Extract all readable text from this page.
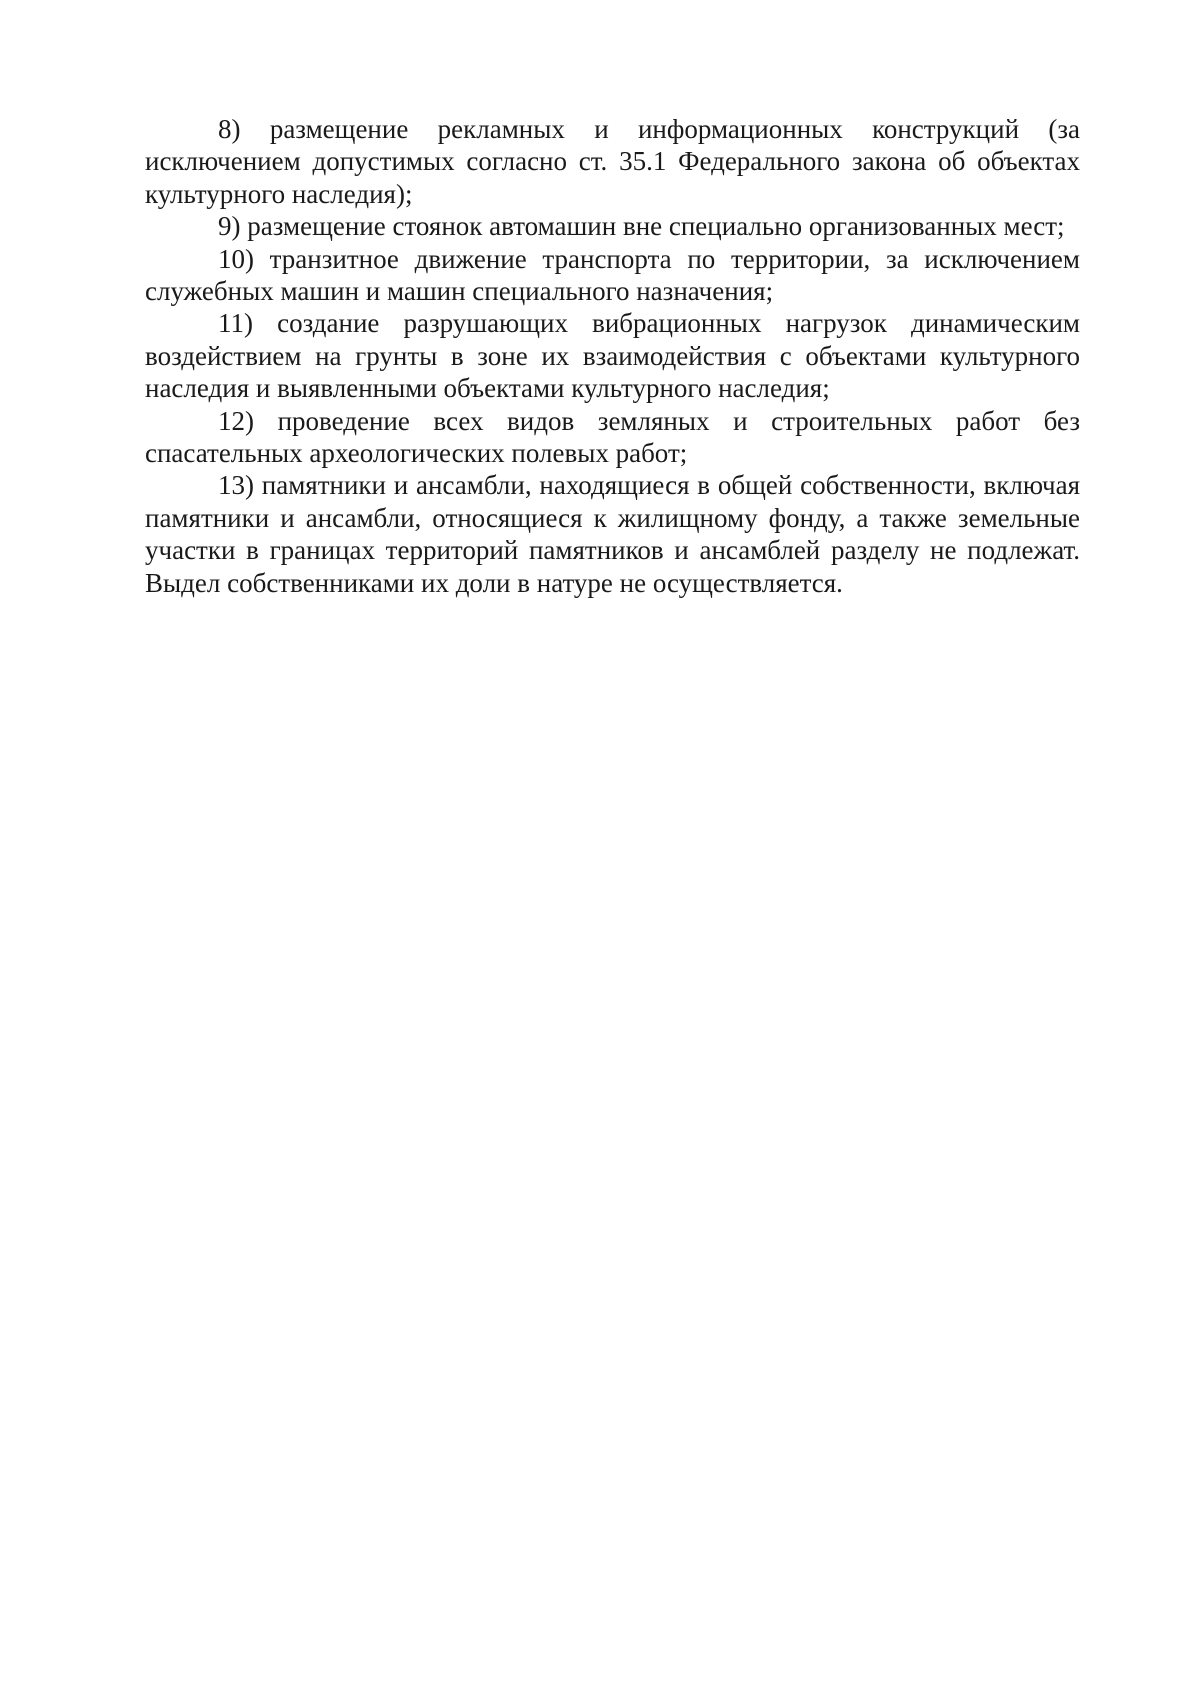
8) размещение рекламных и информационных конструкций (за исключением допустимых согласно ст. 35.1 Федерального закона об объектах культурного наследия);

9) размещение стоянок автомашин вне специально организованных мест;

10) транзитное движение транспорта по территории, за исключением служебных машин и машин специального назначения;

11) создание разрушающих вибрационных нагрузок динамическим воздействием на грунты в зоне их взаимодействия с объектами культурного наследия и выявленными объектами культурного наследия;

12) проведение всех видов земляных и строительных работ без спасательных археологических полевых работ;

13) памятники и ансамбли, находящиеся в общей собственности, включая памятники и ансамбли, относящиеся к жилищному фонду, а также земельные участки в границах территорий памятников и ансамблей разделу не подлежат. Выдел собственниками их доли в натуре не осуществляется.
